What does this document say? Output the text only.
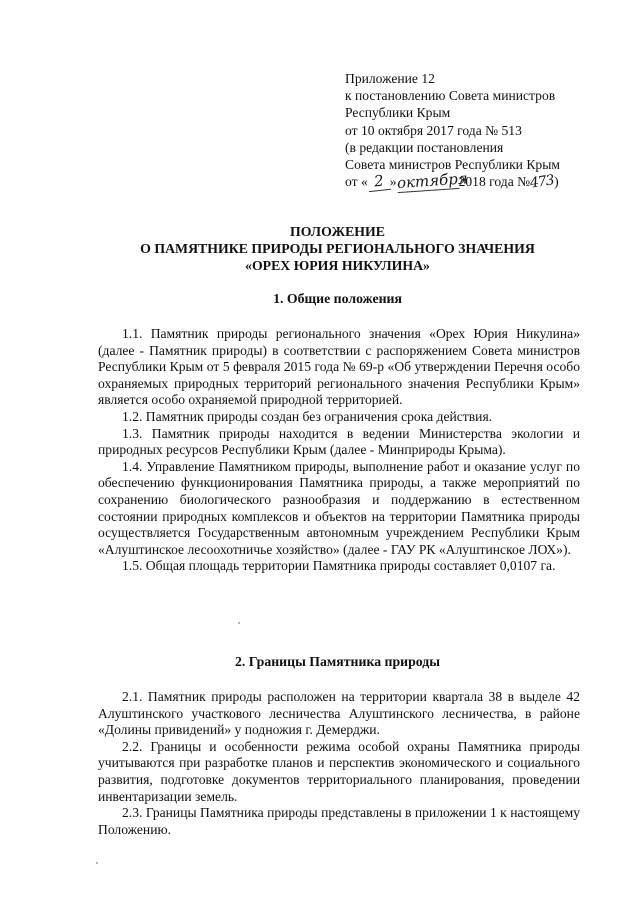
Приложение 12
к постановлению Совета министров
Республики Крым
от 10 октября 2017 года № 513
(в редакции постановления
Совета министров Республики Крым
от « 2 »октября2018 года №473)
ПОЛОЖЕНИЕ
О ПАМЯТНИКЕ ПРИРОДЫ РЕГИОНАЛЬНОГО ЗНАЧЕНИЯ
«ОРЕХ ЮРИЯ НИКУЛИНА»
1. Общие положения

1.1. Памятник природы регионального значения «Орех Юрия Никулина» (далее - Памятник природы) в соответствии с распоряжением Совета министров Республики Крым от 5 февраля 2015 года № 69-р «Об утверждении Перечня особо охраняемых природных территорий регионального значения Республики Крым» является особо охраняемой природной территорией.

1.2. Памятник природы создан без ограничения срока действия.

1.3. Памятник природы находится в ведении Министерства экологии и природных ресурсов Республики Крым (далее - Минприроды Крыма).

1.4. Управление Памятником природы, выполнение работ и оказание услуг по обеспечению функционирования Памятника природы, а также мероприятий по сохранению биологического разнообразия и поддержанию в естественном состоянии природных комплексов и объектов на территории Памятника природы осуществляется Государственным автономным учреждением Республики Крым «Алуштинское лесоохотничье хозяйство» (далее - ГАУ РК «Алуштинское ЛОХ»).

1.5. Общая площадь территории Памятника природы составляет 0,0107 га.

2. Границы Памятника природы

2.1. Памятник природы расположен на территории квартала 38 в выделе 42 Алуштинского участкового лесничества Алуштинского лесничества, в районе «Долины привидений» у подножия г. Демерджи.

2.2. Границы и особенности режима особой охраны Памятника природы учитываются при разработке планов и перспектив экономического и социального развития, подготовке документов территориального планирования, проведении инвентаризации земель.

2.3. Границы Памятника природы представлены в приложении 1 к настоящему Положению.
